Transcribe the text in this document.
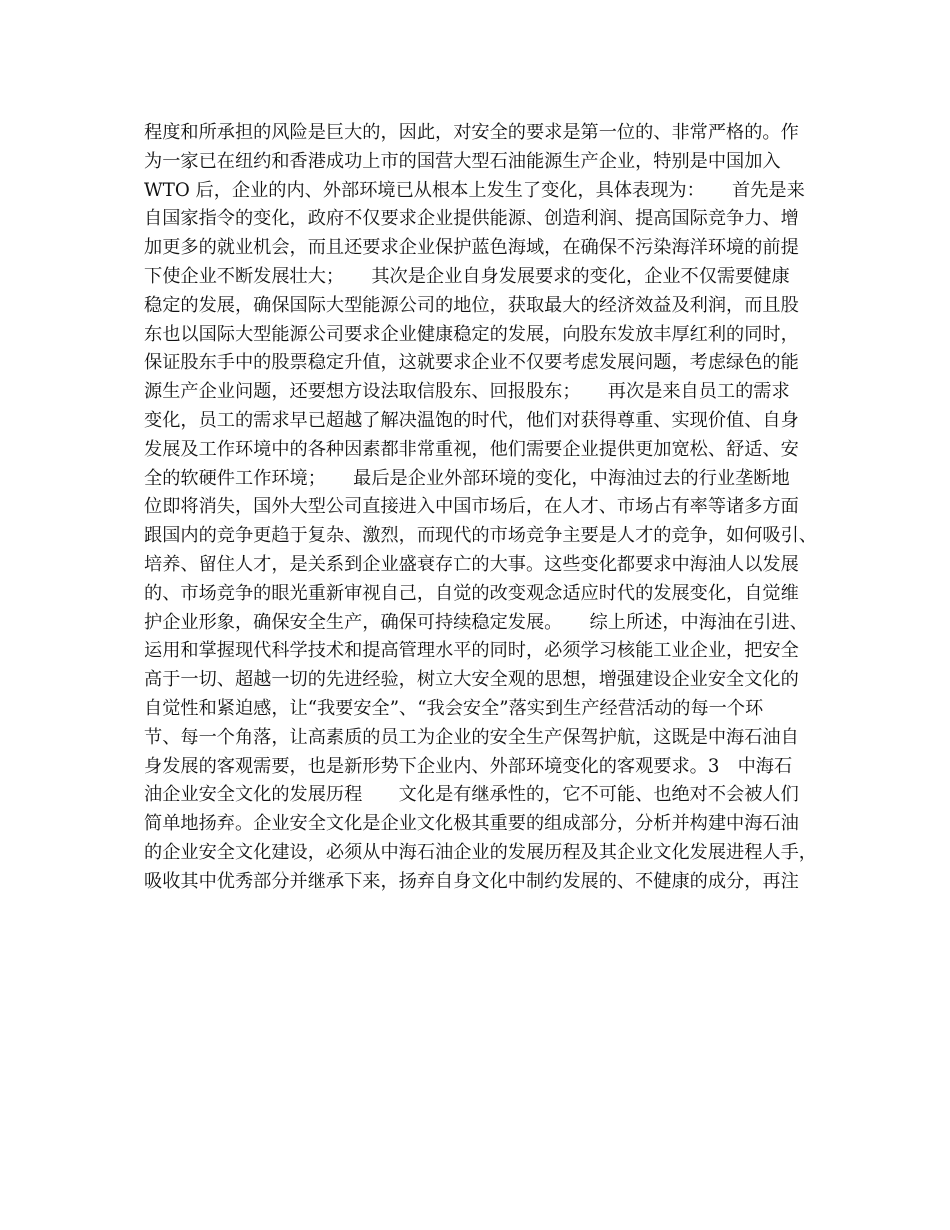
程度和所承担的风险是巨大的，因此，对安全的要求是第一位的、非常严格的。作
为一家已在纽约和香港成功上市的国营大型石油能源生产企业，特别是中国加入
WTO 后，企业的内、外部环境已从根本上发生了变化，具体表现为：　　首先是来
自国家指令的变化，政府不仅要求企业提供能源、创造利润、提高国际竞争力、增
加更多的就业机会，而且还要求企业保护蓝色海域，在确保不污染海洋环境的前提
下使企业不断发展壮大；　　其次是企业自身发展要求的变化，企业不仅需要健康
稳定的发展，确保国际大型能源公司的地位，获取最大的经济效益及利润，而且股
东也以国际大型能源公司要求企业健康稳定的发展，向股东发放丰厚红利的同时，
保证股东手中的股票稳定升值，这就要求企业不仅要考虑发展问题，考虑绿色的能
源生产企业问题，还要想方设法取信股东、回报股东；　　再次是来自员工的需求
变化，员工的需求早已超越了解决温饱的时代，他们对获得尊重、实现价值、自身
发展及工作环境中的各种因素都非常重视，他们需要企业提供更加宽松、舒适、安
全的软硬件工作环境；　　最后是企业外部环境的变化，中海油过去的行业垄断地
位即将消失，国外大型公司直接进入中国市场后，在人才、市场占有率等诸多方面
跟国内的竞争更趋于复杂、激烈，而现代的市场竞争主要是人才的竞争，如何吸引、
培养、留住人才，是关系到企业盛衰存亡的大事。这些变化都要求中海油人以发展
的、市场竞争的眼光重新审视自己，自觉的改变观念适应时代的发展变化，自觉维
护企业形象，确保安全生产，确保可持续稳定发展。　　综上所述，中海油在引进、
运用和掌握现代科学技术和提高管理水平的同时，必须学习核能工业企业，把安全
高于一切、超越一切的先进经验，树立大安全观的思想，增强建设企业安全文化的
自觉性和紧迫感，让“我要安全”、“我会安全”落实到生产经营活动的每一个环
节、每一个角落，让高素质的员工为企业的安全生产保驾护航，这既是中海石油自
身发展的客观需要，也是新形势下企业内、外部环境变化的客观要求。3　中海石
油企业安全文化的发展历程　　文化是有继承性的，它不可能、也绝对不会被人们
简单地扬弃。企业安全文化是企业文化极其重要的组成部分，分析并构建中海石油
的企业安全文化建设，必须从中海石油企业的发展历程及其企业文化发展进程人手，
吸收其中优秀部分并继承下来，扬弃自身文化中制约发展的、不健康的成分，再注
